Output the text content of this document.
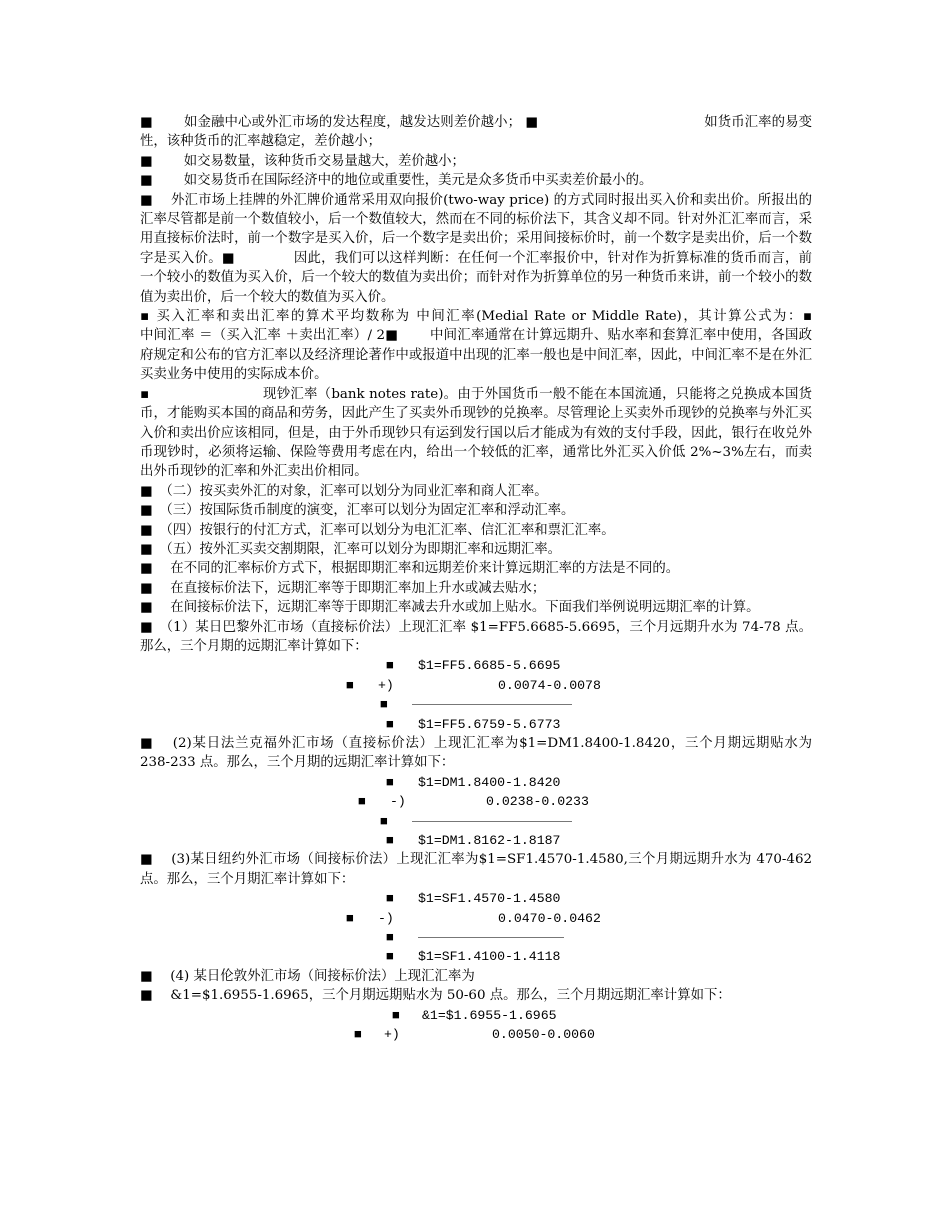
■　　 如金融中心或外汇市场的发达程度，越发达则差价越小； ■　　　　　　　　　　　　 如货币汇率的易变性，该种货币的汇率越稳定，差价越小；

■　　 如交易数量，该种货币交易量越大，差价越小；

■　　 如交易货币在国际经济中的地位或重要性，美元是众多货币中买卖差价最小的。

■　 外汇市场上挂牌的外汇牌价通常采用双向报价(two-way price) 的方式同时报出买入价和卖出价。所报出的汇率尽管都是前一个数值较小，后一个数值较大，然而在不同的标价法下，其含义却不同。针对外汇汇率而言，采用直接标价法时，前一个数字是买入价，后一个数字是卖出价；采用间接标价时，前一个数字是卖出价，后一个数字是买入价。■　　　　 因此，我们可以这样判断：在任何一个汇率报价中，针对作为折算标准的货币而言，前一个较小的数值为买入价，后一个较大的数值为卖出价；而针对作为折算单位的另一种货币来讲，前一个较小的数值为卖出价，后一个较大的数值为买入价。

▪ 买入汇率和卖出汇率的算术平均数称为 中间汇率(Medial Rate or Middle Rate)，其计算公式为：▪　　　　　　　 中间汇率 ＝（买入汇率 ＋卖出汇率）/ 2■　　 中间汇率通常在计算远期升、贴水率和套算汇率中使用，各国政府规定和公布的官方汇率以及经济理论著作中或报道中出现的汇率一般也是中间汇率，因此，中间汇率不是在外汇买卖业务中使用的实际成本价。

▪　　　　　　　　 现钞汇率（bank notes rate)。由于外国货币一般不能在本国流通，只能将之兑换成本国货币，才能购买本国的商品和劳务，因此产生了买卖外币现钞的兑换率。尽管理论上买卖外币现钞的兑换率与外汇买入价和卖出价应该相同，但是，由于外币现钞只有运到发行国以后才能成为有效的支付手段，因此，银行在收兑外币现钞时，必须将运输、保险等费用考虑在内，给出一个较低的汇率，通常比外汇买入价低 2%~3%左右，而卖出外币现钞的汇率和外汇卖出价相同。

■　（二）按买卖外汇的对象，汇率可以划分为同业汇率和商人汇率。

■　（三）按国际货币制度的演变，汇率可以划分为固定汇率和浮动汇率。

■　（四）按银行的付汇方式，汇率可以划分为电汇汇率、信汇汇率和票汇汇率。

■　（五）按外汇买卖交割期限，汇率可以划分为即期汇率和远期汇率。

■　 在不同的汇率标价方式下，根据即期汇率和远期差价来计算远期汇率的方法是不同的。

■　 在直接标价法下，远期汇率等于即期汇率加上升水或减去贴水；

■　 在间接标价法下，远期汇率等于即期汇率减去升水或加上贴水。下面我们举例说明远期汇率的计算。

■　（1）某日巴黎外汇市场（直接标价法）上现汇汇率 $1=FF5.6685-5.6695，三个月远期升水为 74-78 点。那么，三个月期的远期汇率计算如下：

■

$1=FF5.6685-5.6695

■

+)

	0.0074-0.0078

■

■

$1=FF5.6759-5.6773

■　 (2)某日法兰克福外汇市场（直接标价法）上现汇汇率为$1=DM1.8400-1.8420，三个月期远期贴水为 238-233 点。那么，三个月期的远期汇率计算如下：

■

$1=DM1.8400-1.8420

■

-)

	0.0238-0.0233

■

■

$1=DM1.8162-1.8187

■　 (3)某日纽约外汇市场（间接标价法）上现汇汇率为$1=SF1.4570-1.4580,三个月期远期升水为 470-462 点。那么，三个月期汇率计算如下：

■

$1=SF1.4570-1.4580

■

-)

	0.0470-0.0462

■

■

$1=SF1.4100-1.4118

■　 (4) 某日伦敦外汇市场（间接标价法）上现汇汇率为

■　 &1=$1.6955-1.6965，三个月期远期贴水为 50-60 点。那么，三个月期远期汇率计算如下：

■

&1=$1.6955-1.6965

■

+)

	0.0050-0.0060
